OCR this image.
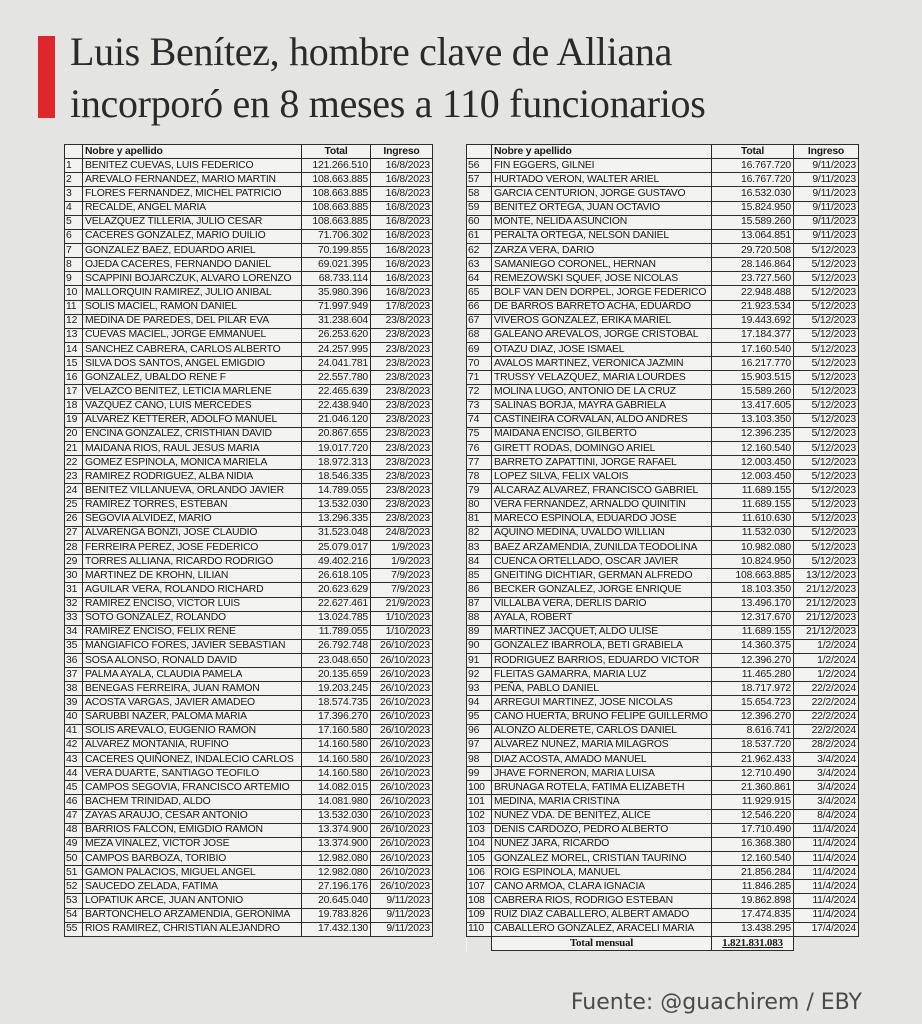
Luis Benítez, hombre clave de Alliana
incorporó en 8 meses a 110 funcionarios
	Nobre y apellido	Total	Ingreso
1	BENITEZ CUEVAS, LUIS FEDERICO	121.266.510	16/8/2023
2	AREVALO FERNANDEZ, MARIO MARTIN	108.663.885	16/8/2023
3	FLORES FERNANDEZ, MICHEL PATRICIO	108.663.885	16/8/2023
4	RECALDE, ANGEL MARIA	108.663.885	16/8/2023
5	VELAZQUEZ TILLERIA, JULIO CESAR	108.663.885	16/8/2023
6	CACERES GONZALEZ, MARIO DUILIO	71.706.302	16/8/2023
7	GONZALEZ BAEZ, EDUARDO ARIEL	70.199.855	16/8/2023
8	OJEDA CACERES, FERNANDO DANIEL	69.021.395	16/8/2023
9	SCAPPINI BOJARCZUK, ALVARO LORENZO	68.733.114	16/8/2023
10	MALLORQUIN RAMIREZ, JULIO ANIBAL	35.980.396	16/8/2023
11	SOLIS MACIEL, RAMON DANIEL	71.997.949	17/8/2023
12	MEDINA DE PAREDES, DEL PILAR EVA	31.238.604	23/8/2023
13	CUEVAS MACIEL, JORGE EMMANUEL	26.253.620	23/8/2023
14	SANCHEZ CABRERA, CARLOS ALBERTO	24.257.995	23/8/2023
15	SILVA DOS SANTOS, ANGEL EMIGDIO	24.041.781	23/8/2023
16	GONZALEZ, UBALDO RENE F	22.557.780	23/8/2023
17	VELAZCO BENITEZ, LETICIA MARLENE	22.465.639	23/8/2023
18	VAZQUEZ CANO, LUIS MERCEDES	22.438.940	23/8/2023
19	ALVAREZ KETTERER, ADOLFO MANUEL	21.046.120	23/8/2023
20	ENCINA GONZALEZ, CRISTHIAN DAVID	20.867.655	23/8/2023
21	MAIDANA RIOS, RAUL JESUS MARIA	19.017.720	23/8/2023
22	GOMEZ ESPINOLA, MONICA MARIELA	18.972.313	23/8/2023
23	RAMIREZ RODRIGUEZ, ALBA NIDIA	18.546.335	23/8/2023
24	BENITEZ VILLANUEVA, ORLANDO JAVIER	14.789.055	23/8/2023
25	RAMIREZ TORRES, ESTEBAN	13.532.030	23/8/2023
26	SEGOVIA ALVIDEZ, MARIO	13.296.335	23/8/2023
27	ALVARENGA BONZI, JOSE CLAUDIO	31.523.048	24/8/2023
28	FERREIRA PEREZ, JOSE FEDERICO	25.079.017	1/9/2023
29	TORRES ALLIANA, RICARDO RODRIGO	49.402.216	1/9/2023
30	MARTINEZ DE KROHN, LILIAN	26.618.105	7/9/2023
31	AGUILAR VERA, ROLANDO RICHARD	20.623.629	7/9/2023
32	RAMIREZ ENCISO, VICTOR LUIS	22.627.461	21/9/2023
33	SOTO GONZALEZ, ROLANDO	13.024.785	1/10/2023
34	RAMIREZ ENCISO, FELIX RENE	11.789.055	1/10/2023
35	MANGIAFICO FORES, JAVIER SEBASTIAN	26.792.748	26/10/2023
36	SOSA ALONSO, RONALD DAVID	23.048.650	26/10/2023
37	PALMA AYALA, CLAUDIA PAMELA	20.135.659	26/10/2023
38	BENEGAS FERREIRA, JUAN RAMON	19.203.245	26/10/2023
39	ACOSTA VARGAS, JAVIER AMADEO	18.574.735	26/10/2023
40	SARUBBI NAZER, PALOMA MARIA	17.396.270	26/10/2023
41	SOLIS AREVALO, EUGENIO RAMON	17.160.580	26/10/2023
42	ALVAREZ MONTANIA, RUFINO	14.160.580	26/10/2023
43	CACERES QUIÑONEZ, INDALECIO CARLOS	14.160.580	26/10/2023
44	VERA DUARTE, SANTIAGO TEOFILO	14.160.580	26/10/2023
45	CAMPOS SEGOVIA, FRANCISCO ARTEMIO	14.082.015	26/10/2023
46	BACHEM TRINIDAD, ALDO	14.081.980	26/10/2023
47	ZAYAS ARAUJO, CESAR ANTONIO	13.532.030	26/10/2023
48	BARRIOS FALCON, EMIGDIO RAMON	13.374.900	26/10/2023
49	MEZA VIÑALEZ, VICTOR JOSE	13.374.900	26/10/2023
50	CAMPOS BARBOZA, TORIBIO	12.982.080	26/10/2023
51	GAMON PALACIOS, MIGUEL ANGEL	12.982.080	26/10/2023
52	SAUCEDO ZELADA, FATIMA	27.196.176	26/10/2023
53	LOPATIUK ARCE, JUAN ANTONIO	20.645.040	9/11/2023
54	BARTONCHELO ARZAMENDIA, GERONIMA	19.783.826	9/11/2023
55	RIOS RAMIREZ, CHRISTIAN ALEJANDRO	17.432.130	9/11/2023
	Nobre y apellido	Total	Ingreso
56	FIN EGGERS, GILNEI	16.767.720	9/11/2023
57	HURTADO VERON, WALTER ARIEL	16.767.720	9/11/2023
58	GARCIA CENTURION, JORGE GUSTAVO	16.532.030	9/11/2023
59	BENITEZ ORTEGA, JUAN OCTAVIO	15.824.950	9/11/2023
60	MONTE, NELIDA ASUNCION	15.589.260	9/11/2023
61	PERALTA ORTEGA, NELSON DANIEL	13.064.851	9/11/2023
62	ZARZA VERA, DARIO	29.720.508	5/12/2023
63	SAMANIEGO CORONEL, HERNAN	28.146.864	5/12/2023
64	REMEZOWSKI SQUEF, JOSE NICOLAS	23.727.560	5/12/2023
65	BOLF VAN DEN DORPEL, JORGE FEDERICO	22.948.488	5/12/2023
66	DE BARROS BARRETO ACHA, EDUARDO	21.923.534	5/12/2023
67	VIVEROS GONZALEZ, ERIKA MARIEL	19.443.692	5/12/2023
68	GALEANO AREVALOS, JORGE CRISTOBAL	17.184.377	5/12/2023
69	OTAZU DIAZ, JOSE ISMAEL	17.160.540	5/12/2023
70	AVALOS MARTINEZ, VERONICA JAZMIN	16.217.770	5/12/2023
71	TRUSSY VELAZQUEZ, MARIA LOURDES	15.903.515	5/12/2023
72	MOLINA LUGO, ANTONIO DE LA CRUZ	15.589.260	5/12/2023
73	SALINAS BORJA, MAYRA GABRIELA	13.417.605	5/12/2023
74	CASTIÑEIRA CORVALAN, ALDO ANDRES	13.103.350	5/12/2023
75	MAIDANA ENCISO, GILBERTO	12.396.235	5/12/2023
76	GIRETT RODAS, DOMINGO ARIEL	12.160.540	5/12/2023
77	BARRETO ZAPATTINI, JORGE RAFAEL	12.003.450	5/12/2023
78	LOPEZ SILVA, FELIX VALOIS	12.003.450	5/12/2023
79	ALCARAZ ALVAREZ, FRANCISCO GABRIEL	11.689.155	5/12/2023
80	VERA FERNANDEZ, ARNALDO QUINITIN	11.689.155	5/12/2023
81	MARECO ESPINOLA, EDUARDO JOSE	11.610.630	5/12/2023
82	AQUINO MEDINA, UVALDO WILLIAN	11.532.030	5/12/2023
83	BAEZ ARZAMENDIA, ZUNILDA TEODOLINA	10.982.080	5/12/2023
84	CUENCA ORTELLADO, OSCAR JAVIER	10.824.950	5/12/2023
85	GNEITING DICHTIAR, GERMAN ALFREDO	108.663.885	13/12/2023
86	BECKER GONZALEZ, JORGE ENRIQUE	18.103.350	21/12/2023
87	VILLALBA VERA, DERLIS DARIO	13.496.170	21/12/2023
88	AYALA, ROBERT	12.317.670	21/12/2023
89	MARTINEZ JACQUET, ALDO ULISE	11.689.155	21/12/2023
90	GONZALEZ IBARROLA, BETI GRABIELA	14.360.375	1/2/2024
91	RODRIGUEZ BARRIOS, EDUARDO VICTOR	12.396.270	1/2/2024
92	FLEITAS GAMARRA, MARIA LUZ	11.465.280	1/2/2024
93	PEÑA, PABLO DANIEL	18.717.972	22/2/2024
94	ARREGUI MARTINEZ, JOSE NICOLAS	15.654.723	22/2/2024
95	CANO HUERTA, BRUNO FELIPE GUILLERMO	12.396.270	22/2/2024
96	ALONZO ALDERETE, CARLOS DANIEL	8.616.741	22/2/2024
97	ALVAREZ NUÑEZ, MARIA MILAGROS	18.537.720	28/2/2024
98	DIAZ ACOSTA, AMADO MANUEL	21.962.433	3/4/2024
99	JHAVE FORNERON, MARIA LUISA	12.710.490	3/4/2024
100	BRUNAGA ROTELA, FATIMA ELIZABETH	21.360.861	3/4/2024
101	MEDINA, MARIA CRISTINA	11.929.915	3/4/2024
102	NUÑEZ VDA. DE BENITEZ, ALICE	12.546.220	8/4/2024
103	DENIS CARDOZO, PEDRO ALBERTO	17.710.490	11/4/2024
104	NUÑEZ JARA, RICARDO	16.368.380	11/4/2024
105	GONZALEZ MOREL, CRISTIAN TAURINO	12.160.540	11/4/2024
106	ROIG ESPINOLA, MANUEL	21.856.284	11/4/2024
107	CANO ARMOA, CLARA IGNACIA	11.846.285	11/4/2024
108	CABRERA RIOS, RODRIGO ESTEBAN	19.862.898	11/4/2024
109	RUIZ DIAZ CABALLERO, ALBERT AMADO	17.474.835	11/4/2024
110	CABALLERO GONZALEZ, ARACELI MARIA	13.438.295	17/4/2024
	Total mensual	1.821.831.083	
Fuente: @guachirem / EBY
